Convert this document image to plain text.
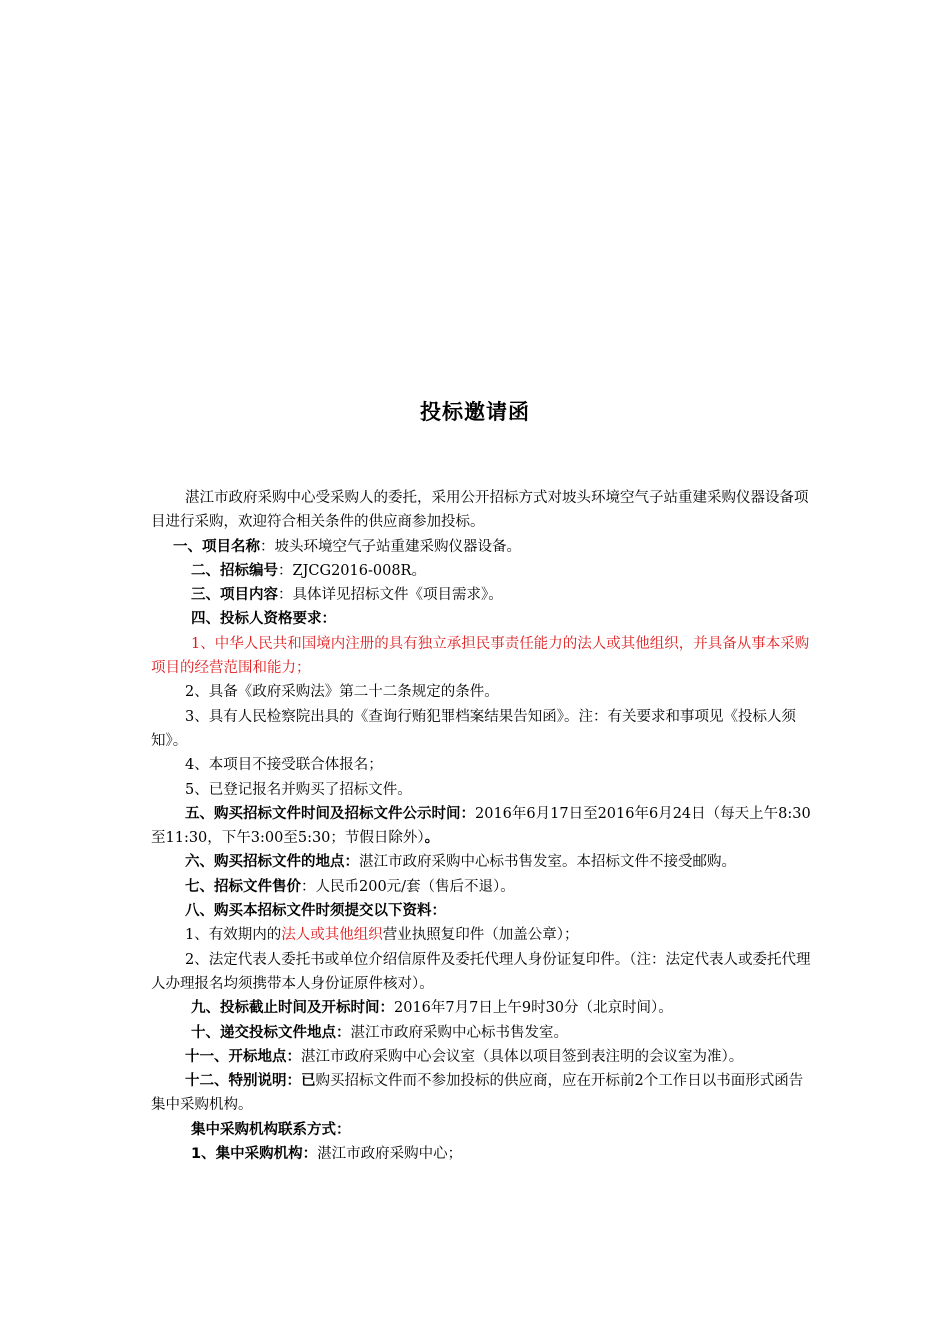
投标邀请函

湛江市政府采购中心受采购人的委托，采用公开招标方式对坡头环境空气子站重建采购仪器设备项目进行采购，欢迎符合相关条件的供应商参加投标。

一、项目名称：坡头环境空气子站重建采购仪器设备。

二、招标编号：ZJCG2016-008R。

三、项目内容：具体详见招标文件《项目需求》。

四、投标人资格要求：

1、中华人民共和国境内注册的具有独立承担民事责任能力的法人或其他组织，并具备从事本采购项目的经营范围和能力；

2、具备《政府采购法》第二十二条规定的条件。

3、具有人民检察院出具的《查询行贿犯罪档案结果告知函》。注：有关要求和事项见《投标人须知》。

4、本项目不接受联合体报名；

5、已登记报名并购买了招标文件。

五、购买招标文件时间及招标文件公示时间：2016年6月17日至2016年6月24日（每天上午8:30至11:30，下午3:00至5:30；节假日除外）。

六、购买招标文件的地点：湛江市政府采购中心标书售发室。本招标文件不接受邮购。

七、招标文件售价：人民币200元/套（售后不退）。

八、购买本招标文件时须提交以下资料：

1、有效期内的法人或其他组织营业执照复印件（加盖公章）；

2、法定代表人委托书或单位介绍信原件及委托代理人身份证复印件。（注：法定代表人或委托代理人办理报名均须携带本人身份证原件核对）。

九、投标截止时间及开标时间：2016年7月7日上午9时30分（北京时间）。

十、递交投标文件地点：湛江市政府采购中心标书售发室。

十一、开标地点：湛江市政府采购中心会议室（具体以项目签到表注明的会议室为准）。

十二、特别说明：已购买招标文件而不参加投标的供应商，应在开标前2个工作日以书面形式函告集中采购机构。

集中采购机构联系方式：

1、集中采购机构：湛江市政府采购中心；
